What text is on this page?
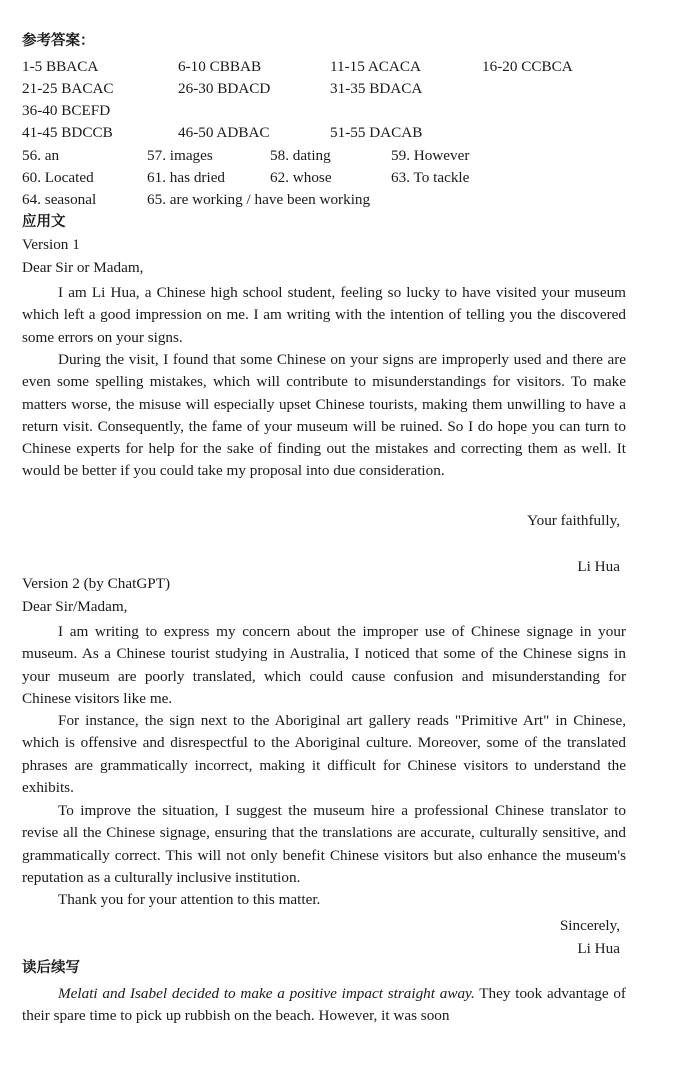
参考答案：
1-5 BBACA	6-10 CBBAB	11-15 ACACA	16-20 CCBCA
21-25 BACAC	26-30 BDACD	31-35 BDACA
36-40 BCEFD
41-45 BDCCB	46-50 ADBAC	51-55 DACAB
56. an	57. images	58. dating	59. However
60. Located	61. has dried	62. whose	63. To tackle
64. seasonal	65. are working / have been working
应用文
Version 1
Dear Sir or Madam,
I am Li Hua, a Chinese high school student, feeling so lucky to have visited your museum which left a good impression on me. I am writing with the intention of telling you the discovered some errors on your signs.
During the visit, I found that some Chinese on your signs are improperly used and there are even some spelling mistakes, which will contribute to misunderstandings for visitors. To make matters worse, the misuse will especially upset Chinese tourists, making them unwilling to have a return visit. Consequently, the fame of your museum will be ruined. So I do hope you can turn to Chinese experts for help for the sake of finding out the mistakes and correcting them as well. It would be better if you could take my proposal into due consideration.
Your faithfully,
Li Hua
Version 2 (by ChatGPT)
Dear Sir/Madam,
I am writing to express my concern about the improper use of Chinese signage in your museum. As a Chinese tourist studying in Australia, I noticed that some of the Chinese signs in your museum are poorly translated, which could cause confusion and misunderstanding for Chinese visitors like me.
For instance, the sign next to the Aboriginal art gallery reads "Primitive Art" in Chinese, which is offensive and disrespectful to the Aboriginal culture. Moreover, some of the translated phrases are grammatically incorrect, making it difficult for Chinese visitors to understand the exhibits.
To improve the situation, I suggest the museum hire a professional Chinese translator to revise all the Chinese signage, ensuring that the translations are accurate, culturally sensitive, and grammatically correct. This will not only benefit Chinese visitors but also enhance the museum's reputation as a culturally inclusive institution.
Thank you for your attention to this matter.
Sincerely,
Li Hua
读后续写
Melati and Isabel decided to make a positive impact straight away. They took advantage of their spare time to pick up rubbish on the beach. However, it was soon
